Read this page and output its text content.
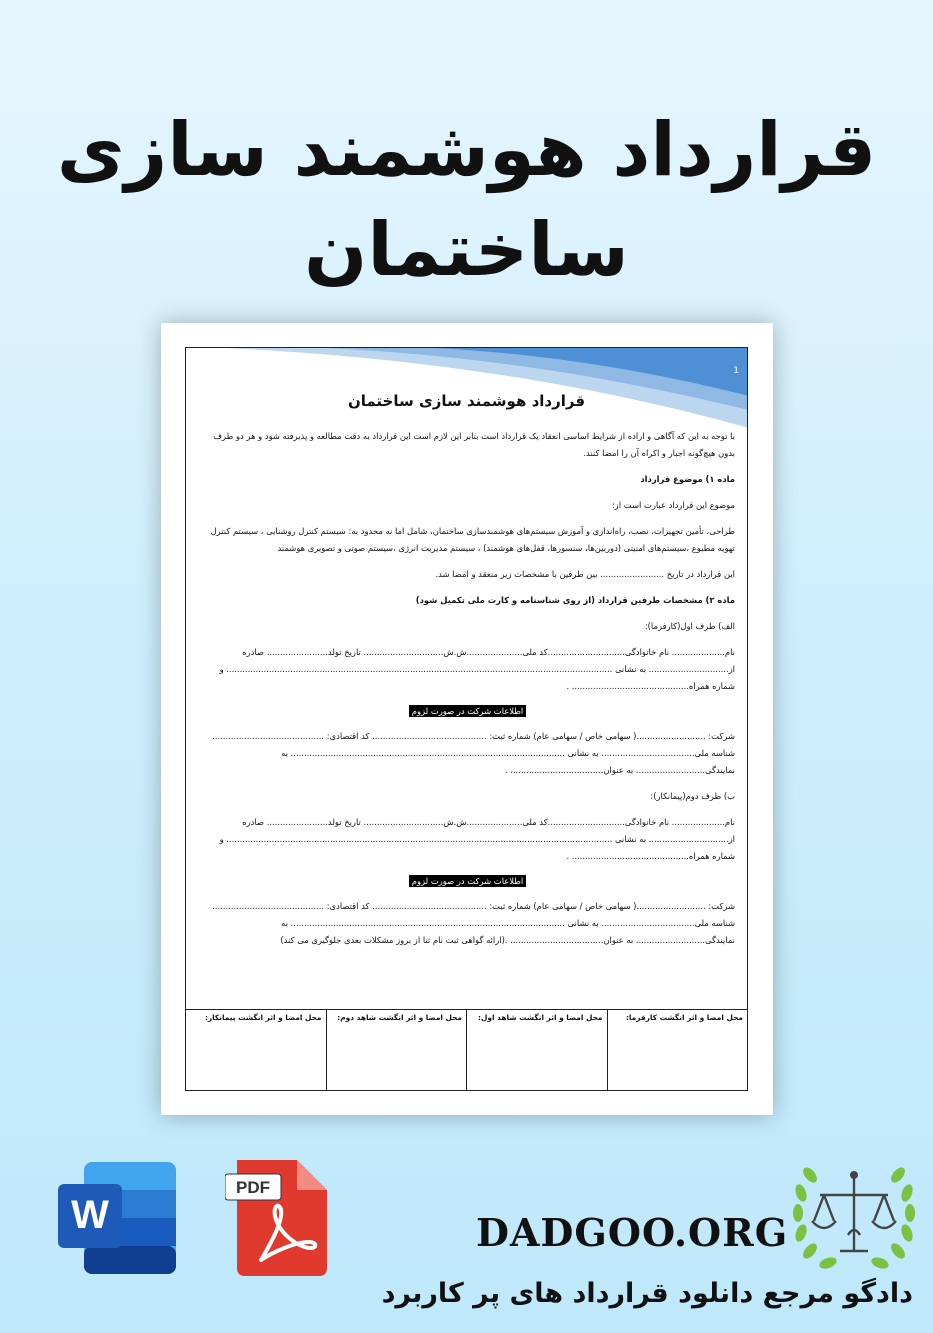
قرارداد هوشمند سازی
ساختمان
1
قرارداد هوشمند سازی ساختمان

با توجه به این که آگاهی و اراده از شرایط اساسی انعقاد یک قرارداد است بنابر این لازم است این قرارداد به دقت مطالعه و پذیرفته شود و هر دو طرف بدون هیچ‌گونه اجبار و اکراه آن را امضا کنند.

ماده ۱) موضوع قرارداد

موضوع این قرارداد عبارت است از:

طراحی، تأمین تجهیزات، نصب، راه‌اندازی و آموزش سیستم‌های هوشمندسازی ساختمان، شامل اما نه محدود به: سیستم کنترل روشنایی ، سیستم کنترل تهویه مطبوع ،سیستم‌های امنیتی (دوربین‌ها، سنسورها، قفل‌های هوشمند) ، سیستم مدیریت انرژی ،سیستم صوتی و تصویری هوشمند

این قرارداد در تاریخ ........................ بین طرفین با مشخصات زیر منعقد و امضا شد.

ماده ۲) مشخصات طرفین قرارداد (از روی شناسنامه و کارت ملی تکمیل شود)

الف) طرف اول(کارفرما):

نام.................... نام خانوادگی.............................کد ملی.....................ش.ش.............................. تاریخ تولد....................... صادره
از.............................. به نشانی ................................................................................................................................................. و
شماره همراه............................................ .
اطلاعات شرکت در صورت لزوم
شرکت: ..........................( سهامی خاص / سهامی عام) شماره ثبت: ........................................... کد اقتصادی: ..........................................
شناسه ملی................................... به نشانی ....................................................................................................... به
نمایندگی.......................... به عنوان................................... .

ب) طرف دوم(پیمانکار):

نام.................... نام خانوادگی.............................کد ملی.....................ش.ش.............................. تاریخ تولد....................... صادره
از.............................. به نشانی ................................................................................................................................................. و
شماره همراه............................................ .
اطلاعات شرکت در صورت لزوم
شرکت: ..........................( سهامی خاص / سهامی عام) شماره ثبت: ........................................... کد اقتصادی: ..........................................
شناسه ملی................................... به نشانی ....................................................................................................... به
نمایندگی.......................... به عنوان................................... .(ارائه گواهی ثبت نام ثنا از بروز مشکلات بعدی جلوگیری می کند)
محل امضا و اثر انگشت کارفرما:
محل امضا و اثر انگشت شاهد اول:
محل امضا و اثر انگشت شاهد دوم:
محل امضا و اثر انگشت پیمانکار:
W
PDF
DADGOO.ORG
دادگو مرجع دانلود قرارداد های پر کاربرد
